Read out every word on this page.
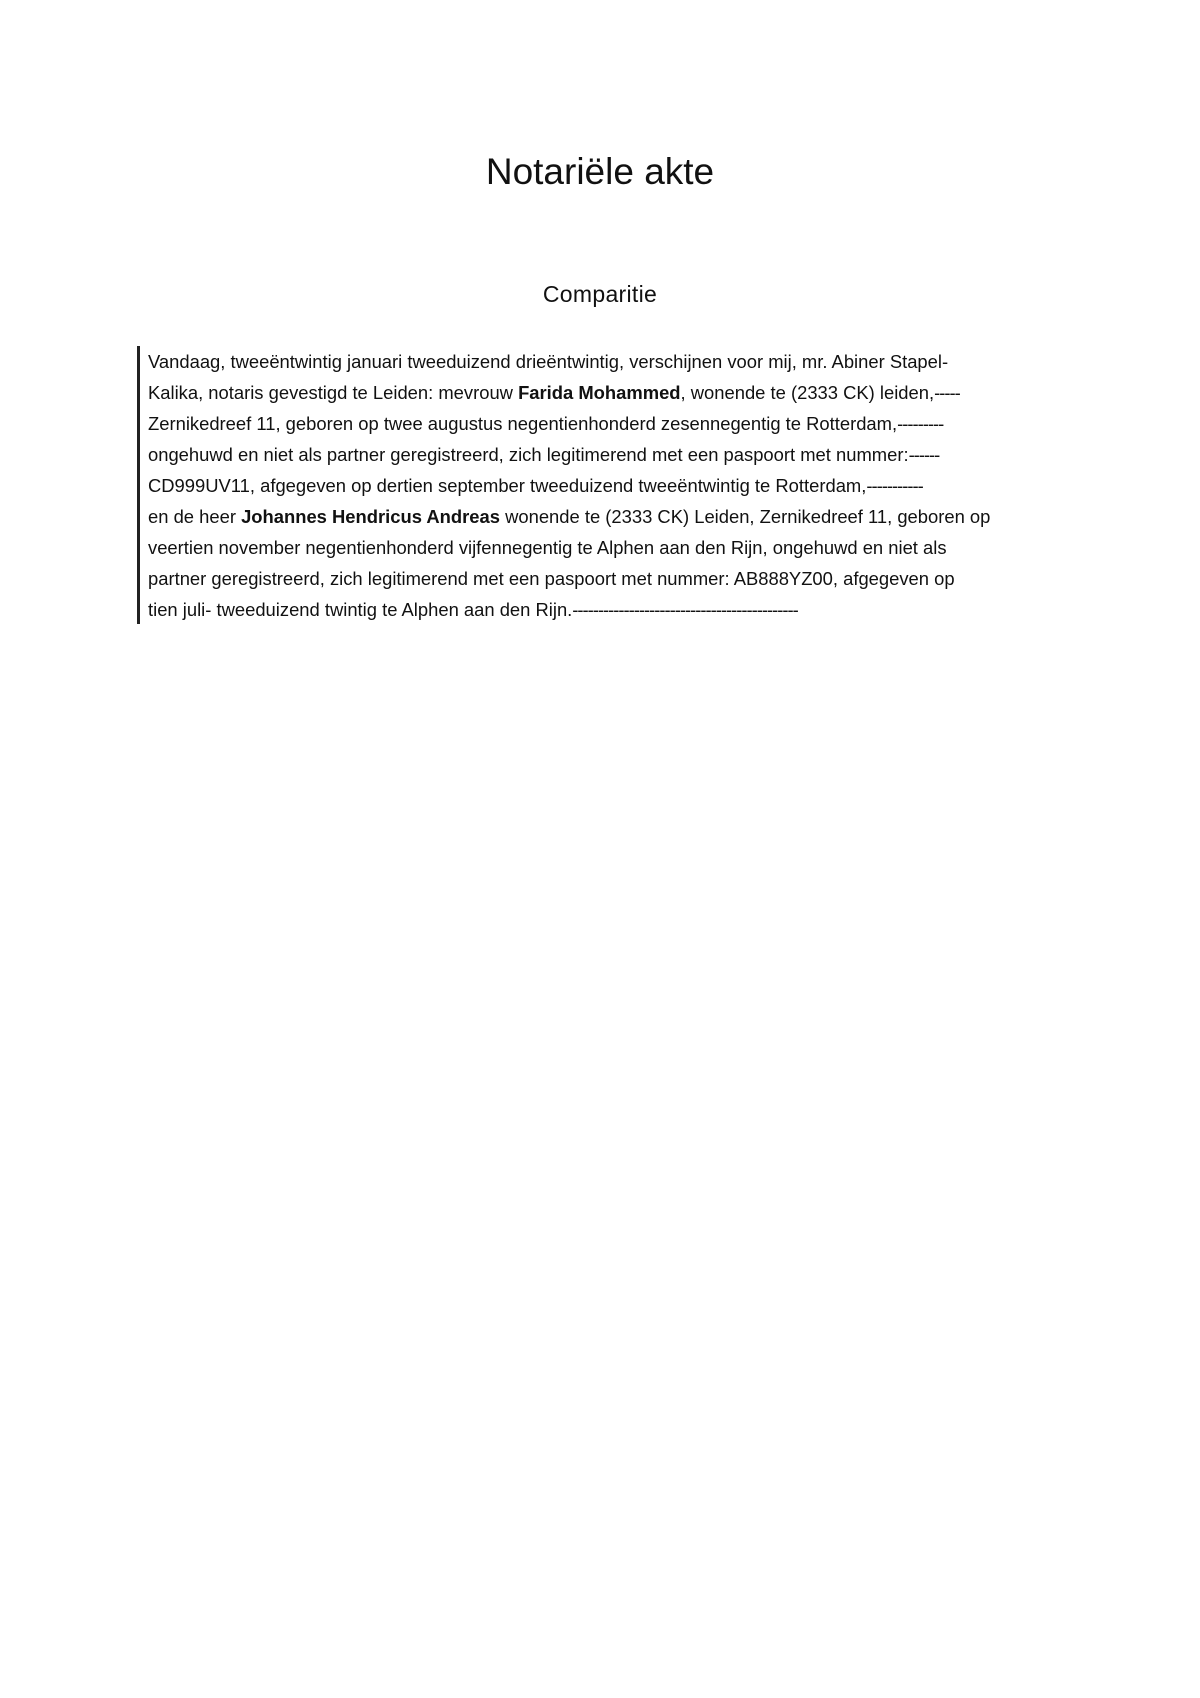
Notariële akte
Comparitie

Vandaag, tweeëntwintig januari tweeduizend drieëntwintig, verschijnen voor mij, mr. Abiner Stapel-
Kalika, notaris gevestigd te Leiden: mevrouw Farida Mohammed, wonende te (2333 CK) leiden,-----
Zernikedreef 11, geboren op twee augustus negentienhonderd zesennegentig te Rotterdam,---------
ongehuwd en niet als partner geregistreerd, zich legitimerend met een paspoort met nummer:------
CD999UV11, afgegeven op dertien september tweeduizend tweeëntwintig te Rotterdam,-----------
en de heer Johannes Hendricus Andreas wonende te (2333 CK) Leiden, Zernikedreef 11, geboren op
veertien november negentienhonderd vijfennegentig te Alphen aan den Rijn, ongehuwd en niet als
partner geregistreerd, zich legitimerend met een paspoort met nummer: AB888YZ00, afgegeven op
tien juli- tweeduizend twintig te Alphen aan den Rijn.--------------------------------------------
